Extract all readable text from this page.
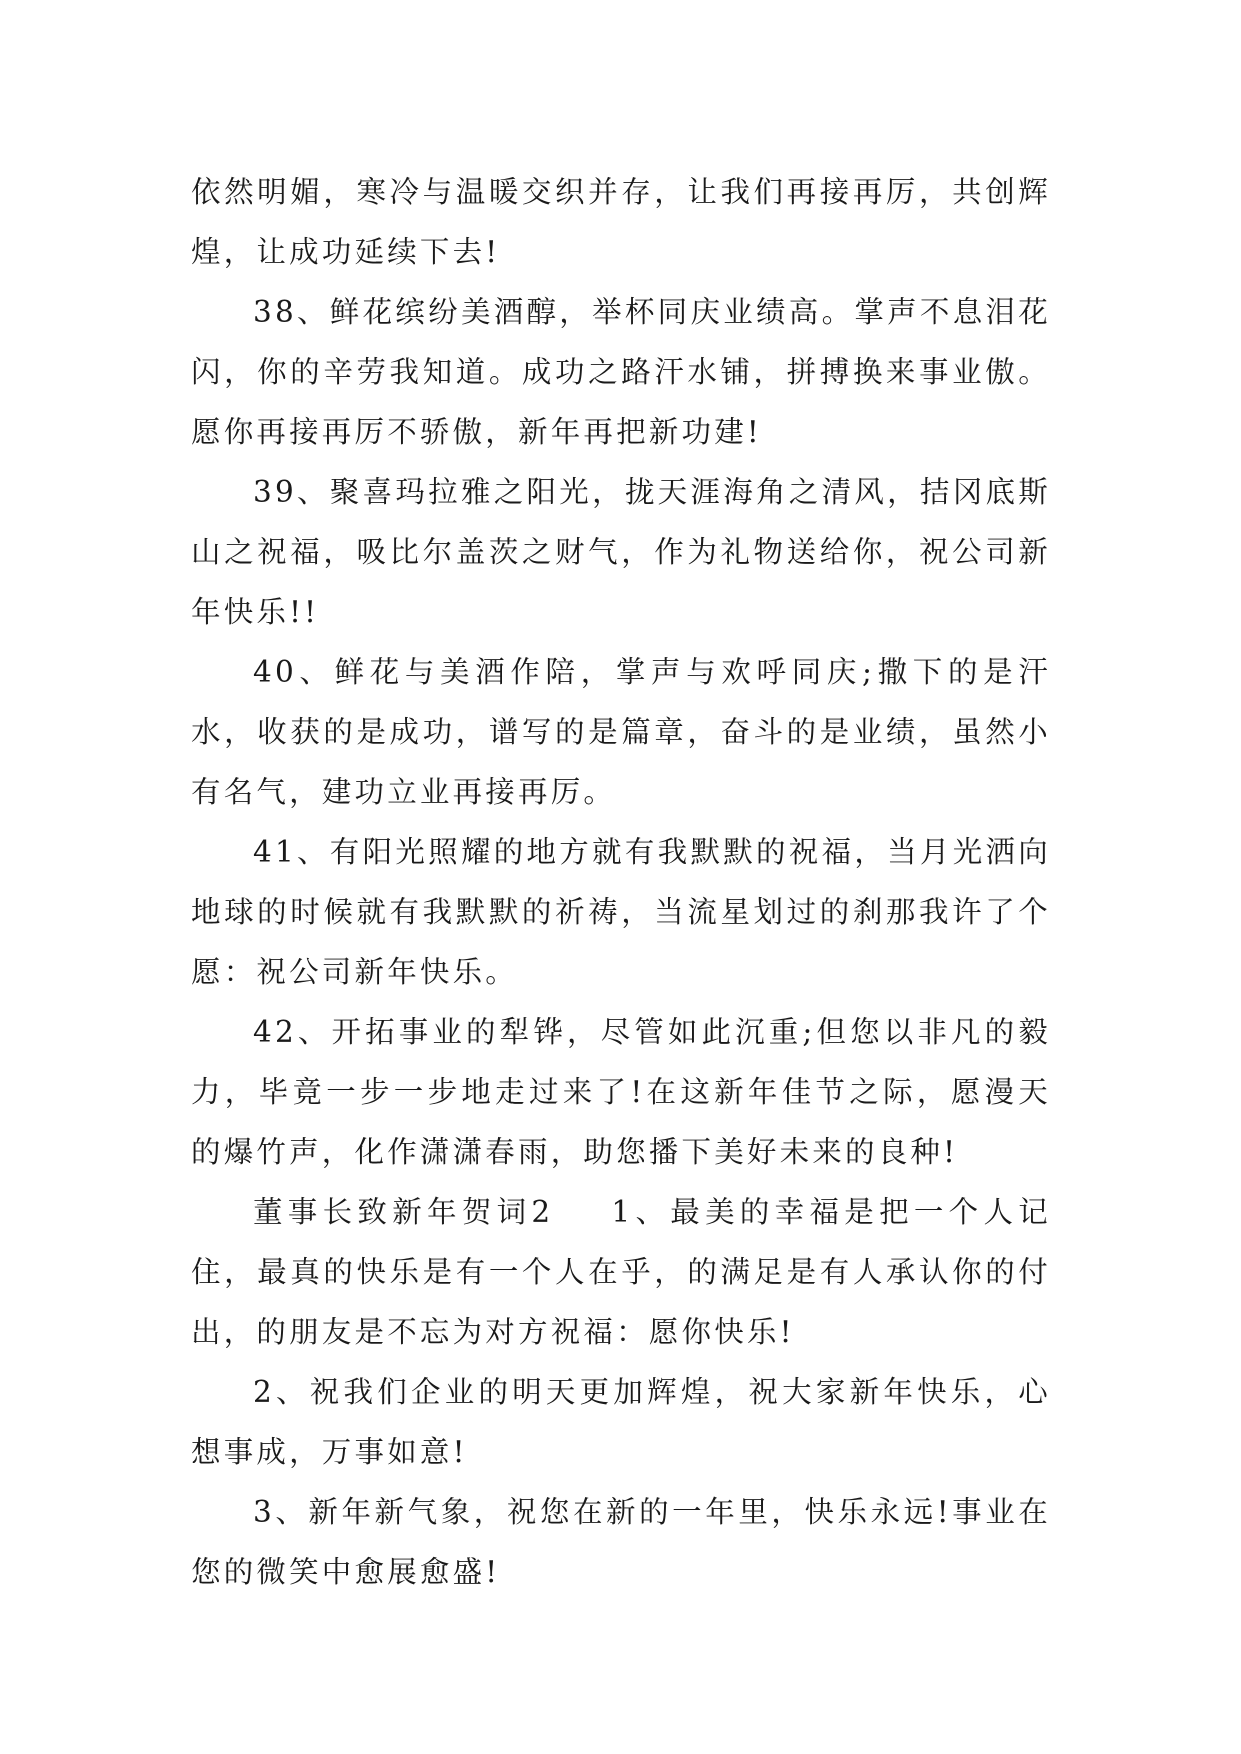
依然明媚，寒冷与温暖交织并存，让我们再接再厉，共创辉煌，让成功延续下去!

38、鲜花缤纷美酒醇，举杯同庆业绩高。掌声不息泪花闪，你的辛劳我知道。成功之路汗水铺，拼搏换来事业傲。愿你再接再厉不骄傲，新年再把新功建!

39、聚喜玛拉雅之阳光，拢天涯海角之清风，拮冈底斯山之祝福，吸比尔盖茨之财气，作为礼物送给你，祝公司新年快乐!!

40、鲜花与美酒作陪，掌声与欢呼同庆;撒下的是汗水，收获的是成功，谱写的是篇章，奋斗的是业绩，虽然小有名气，建功立业再接再厉。

41、有阳光照耀的地方就有我默默的祝福，当月光洒向地球的时候就有我默默的祈祷，当流星划过的刹那我许了个愿：祝公司新年快乐。

42、开拓事业的犁铧，尽管如此沉重;但您以非凡的毅力，毕竟一步一步地走过来了!在这新年佳节之际，愿漫天的爆竹声，化作潇潇春雨，助您播下美好未来的良种!

董事长致新年贺词2 1、最美的幸福是把一个人记住，最真的快乐是有一个人在乎，的满足是有人承认你的付出，的朋友是不忘为对方祝福：愿你快乐!

2、祝我们企业的明天更加辉煌，祝大家新年快乐，心想事成，万事如意!

3、新年新气象，祝您在新的一年里，快乐永远!事业在您的微笑中愈展愈盛!
